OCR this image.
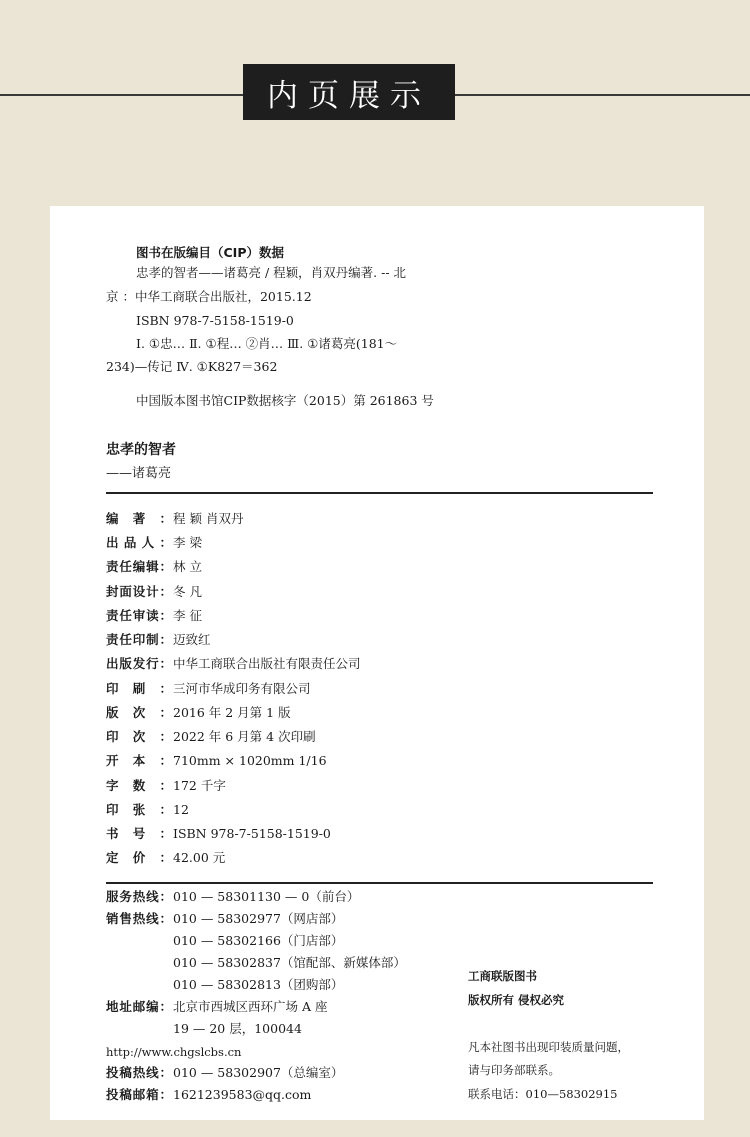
内页展示
图书在版编目（CIP）数据
忠孝的智者——诸葛亮 / 程颖，肖双丹编著. -- 北
京 ：中华工商联合出版社，2015.12
ISBN 978-7-5158-1519-0
Ⅰ. ①忠… Ⅱ. ①程… ②肖… Ⅲ. ①诸葛亮(181～
234)—传记 Ⅳ. ①K827＝362
中国版本图书馆CIP数据核字（2015）第 261863 号
忠孝的智者
——诸葛亮
编著：程 颖 肖双丹
出品人：李 梁
责任编辑：林 立
封面设计：冬 凡
责任审读：李 征
责任印制：迈致红
出版发行：中华工商联合出版社有限责任公司
印刷：三河市华成印务有限公司
版次：2016 年 2 月第 1 版
印次：2022 年 6 月第 4 次印刷
开本：710mm × 1020mm 1/16
字数：172 千字
印张：12
书号：ISBN 978-7-5158-1519-0
定价：42.00 元
服务热线：010 — 58301130 — 0（前台）
销售热线：010 — 58302977（网店部）
010 — 58302166（门店部）
010 — 58302837（馆配部、新媒体部）
010 — 58302813（团购部）
地址邮编：北京市西城区西环广场 A 座
19 — 20 层，100044
http://www.chgslcbs.cn
投稿热线：010 — 58302907（总编室）
投稿邮箱：1621239583@qq.com
工商联版图书
版权所有 侵权必究
凡本社图书出现印装质量问题，
请与印务部联系。
联系电话：010—58302915
